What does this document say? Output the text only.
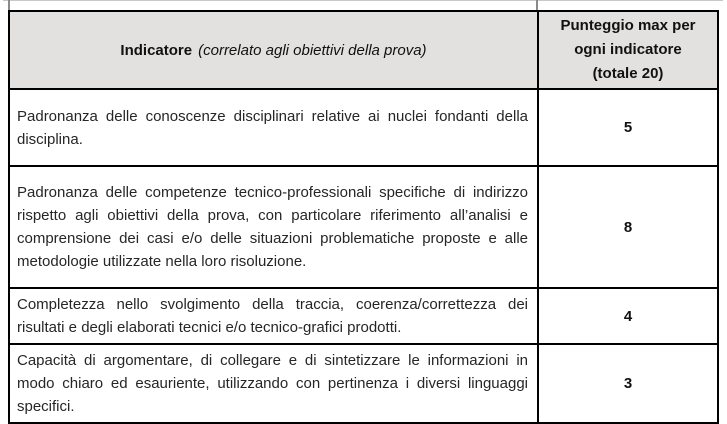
Indicatore (correlato agli obiettivi della prova)	Punteggio max per
ogni indicatore
(totale 20)

Padronanza delle conoscenze disciplinari relative ai nuclei fondanti della disciplina.	5
Padronanza delle competenze tecnico-professionali specifiche di indirizzo rispetto agli obiettivi della prova, con particolare riferimento all’analisi e comprensione dei casi e/o delle situazioni problematiche proposte e alle metodologie utilizzate nella loro risoluzione.	8
Completezza nello svolgimento della traccia, coerenza/correttezza dei risultati e degli elaborati tecnici e/o tecnico-grafici prodotti.	4
Capacità di argomentare, di collegare e di sintetizzare le informazioni in modo chiaro ed esauriente, utilizzando con pertinenza i diversi linguaggi specifici.	3
